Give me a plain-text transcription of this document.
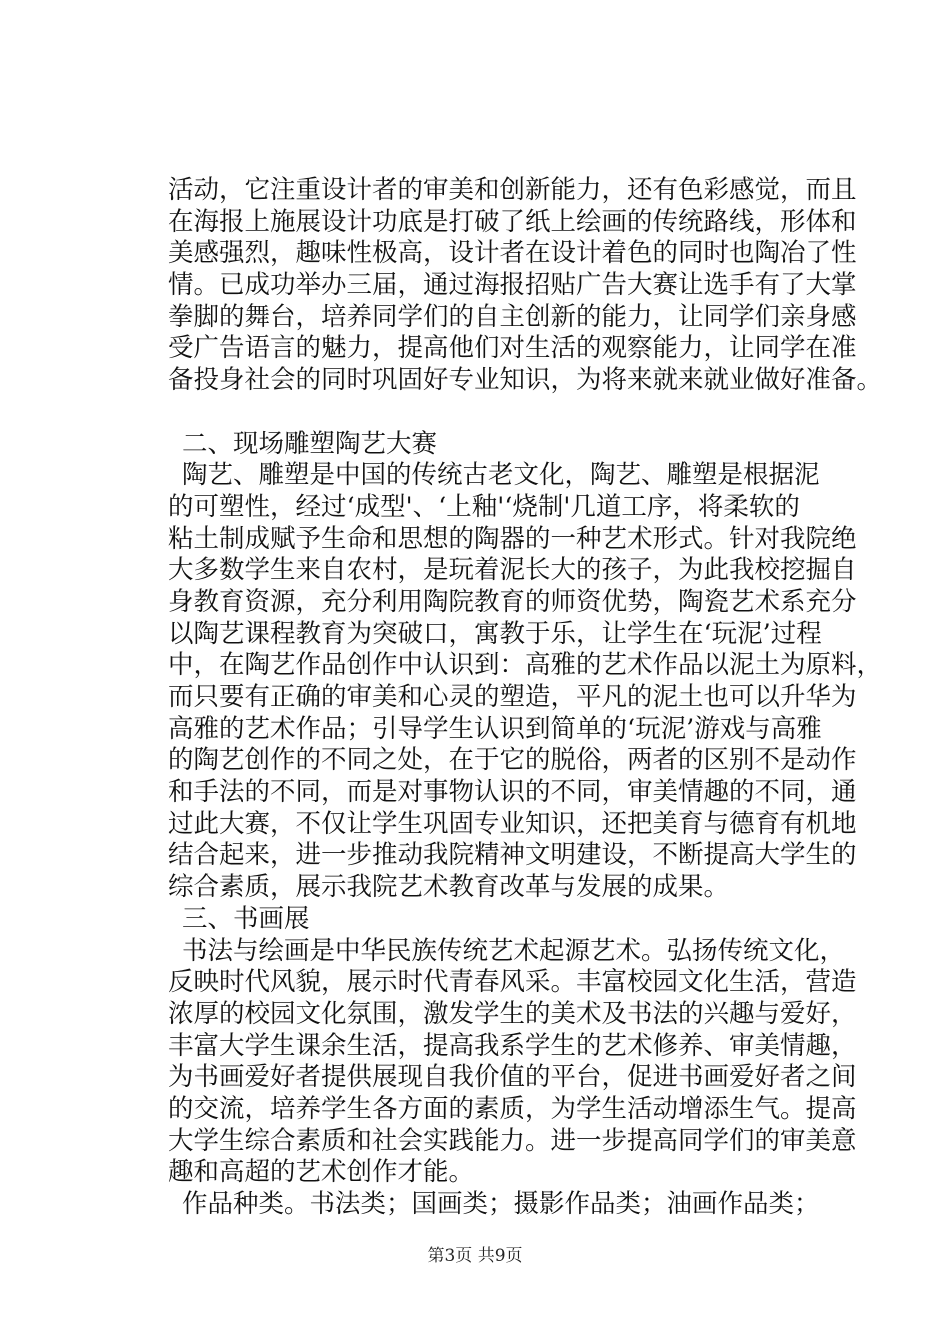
活动，它注重设计者的审美和创新能力，还有色彩感觉，而且
在海报上施展设计功底是打破了纸上绘画的传统路线，形体和
美感强烈，趣味性极高，设计者在设计着色的同时也陶冶了性
情。已成功举办三届，通过海报招贴广告大赛让选手有了大掌
拳脚的舞台，培养同学们的自主创新的能力，让同学们亲身感
受广告语言的魅力，提高他们对生活的观察能力，让同学在准
备投身社会的同时巩固好专业知识，为将来就来就业做好准备。
二、现场雕塑陶艺大赛
陶艺、雕塑是中国的传统古老文化，陶艺、雕塑是根据泥
的可塑性，经过‘成型'、‘上釉'‘烧制'几道工序，将柔软的
粘土制成赋予生命和思想的陶器的一种艺术形式。针对我院绝
大多数学生来自农村，是玩着泥长大的孩子，为此我校挖掘自
身教育资源，充分利用陶院教育的师资优势，陶瓷艺术系充分
以陶艺课程教育为突破口，寓教于乐，让学生在‘玩泥’过程
中，在陶艺作品创作中认识到：高雅的艺术作品以泥土为原料，
而只要有正确的审美和心灵的塑造，平凡的泥土也可以升华为
高雅的艺术作品；引导学生认识到简单的‘玩泥’游戏与高雅
的陶艺创作的不同之处，在于它的脱俗，两者的区别不是动作
和手法的不同，而是对事物认识的不同，审美情趣的不同，通
过此大赛，不仅让学生巩固专业知识，还把美育与德育有机地
结合起来，进一步推动我院精神文明建设，不断提高大学生的
综合素质，展示我院艺术教育改革与发展的成果。
三、书画展
书法与绘画是中华民族传统艺术起源艺术。弘扬传统文化，
反映时代风貌，展示时代青春风采。丰富校园文化生活，营造
浓厚的校园文化氛围，激发学生的美术及书法的兴趣与爱好，
丰富大学生课余生活，提高我系学生的艺术修养、审美情趣，
为书画爱好者提供展现自我价值的平台，促进书画爱好者之间
的交流，培养学生各方面的素质，为学生活动增添生气。提高
大学生综合素质和社会实践能力。进一步提高同学们的审美意
趣和高超的艺术创作才能。
作品种类。书法类；国画类；摄影作品类；油画作品类；
第3页 共9页
